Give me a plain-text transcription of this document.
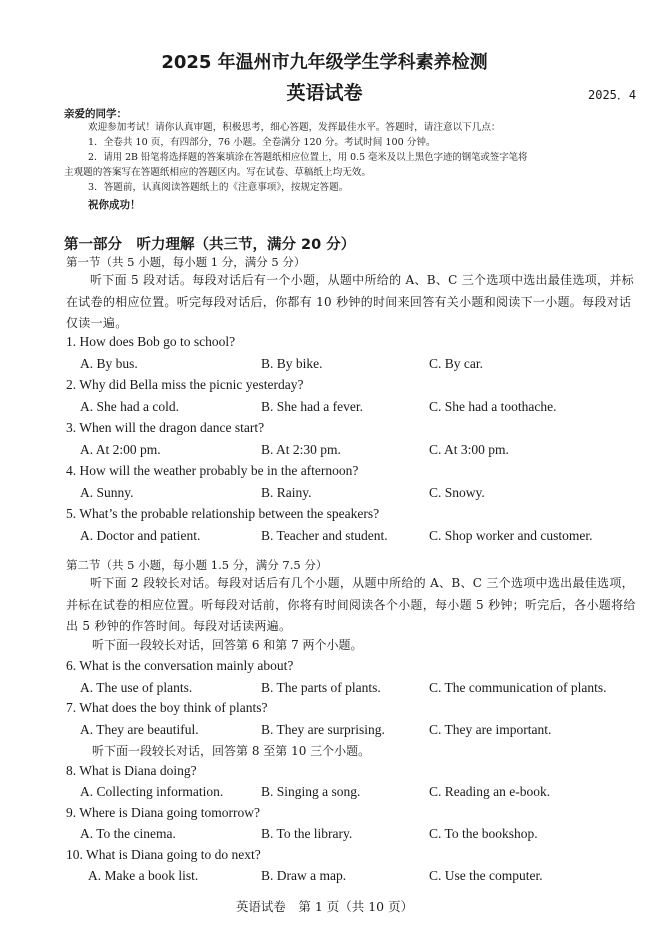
2025 年温州市九年级学生学科素养检测
英语试卷	2025．4
亲爱的同学：
欢迎参加考试！请你认真审题，积极思考，细心答题，发挥最佳水平。答题时，请注意以下几点：
1．全卷共 10 页，有四部分，76 小题。全卷满分 120 分。考试时间 100 分钟。
2．请用 2B 铅笔将选择题的答案填涂在答题纸相应位置上，用 0.5 毫米及以上黑色字迹的钢笔或签字笔将
主观题的答案写在答题纸相应的答题区内。写在试卷、草稿纸上均无效。
3．答题前，认真阅读答题纸上的《注意事项》，按规定答题。
祝你成功！
第一部分　听力理解（共三节，满分 20 分）
第一节（共 5 小题，每小题 1 分，满分 5 分）
听下面 5 段对话。每段对话后有一个小题，从题中所给的 A、B、C 三个选项中选出最佳选项，并标在试卷的相应位置。听完每段对话后，你都有 10 秒钟的时间来回答有关小题和阅读下一小题。每段对话仅读一遍。
1. How does Bob go to school?
A. By bus.	B. By bike.	C. By car.
2. Why did Bella miss the picnic yesterday?
A. She had a cold.	B. She had a fever.	C. She had a toothache.
3. When will the dragon dance start?
A. At 2:00 pm.	B. At 2:30 pm.	C. At 3:00 pm.
4. How will the weather probably be in the afternoon?
A. Sunny.	B. Rainy.	C. Snowy.
5. What’s the probable relationship between the speakers?
A. Doctor and patient.	B. Teacher and student.	C. Shop worker and customer.
第二节（共 5 小题，每小题 1.5 分，满分 7.5 分）
听下面 2 段较长对话。每段对话后有几个小题，从题中所给的 A、B、C 三个选项中选出最佳选项，并标在试卷的相应位置。听每段对话前，你将有时间阅读各个小题，每小题 5 秒钟；听完后，各小题将给出 5 秒钟的作答时间。每段对话读两遍。
听下面一段较长对话，回答第 6 和第 7 两个小题。
6. What is the conversation mainly about?
A. The use of plants.	B. The parts of plants.	C. The communication of plants.
7. What does the boy think of plants?
A. They are beautiful.	B. They are surprising.	C. They are important.
听下面一段较长对话，回答第 8 至第 10 三个小题。
8. What is Diana doing?
A. Collecting information.	B. Singing a song.	C. Reading an e-book.
9. Where is Diana going tomorrow?
A. To the cinema.	B. To the library.	C. To the bookshop.
10. What is Diana going to do next?
A. Make a book list.	B. Draw a map.	C. Use the computer.
英语试卷　第 1 页（共 10 页）
